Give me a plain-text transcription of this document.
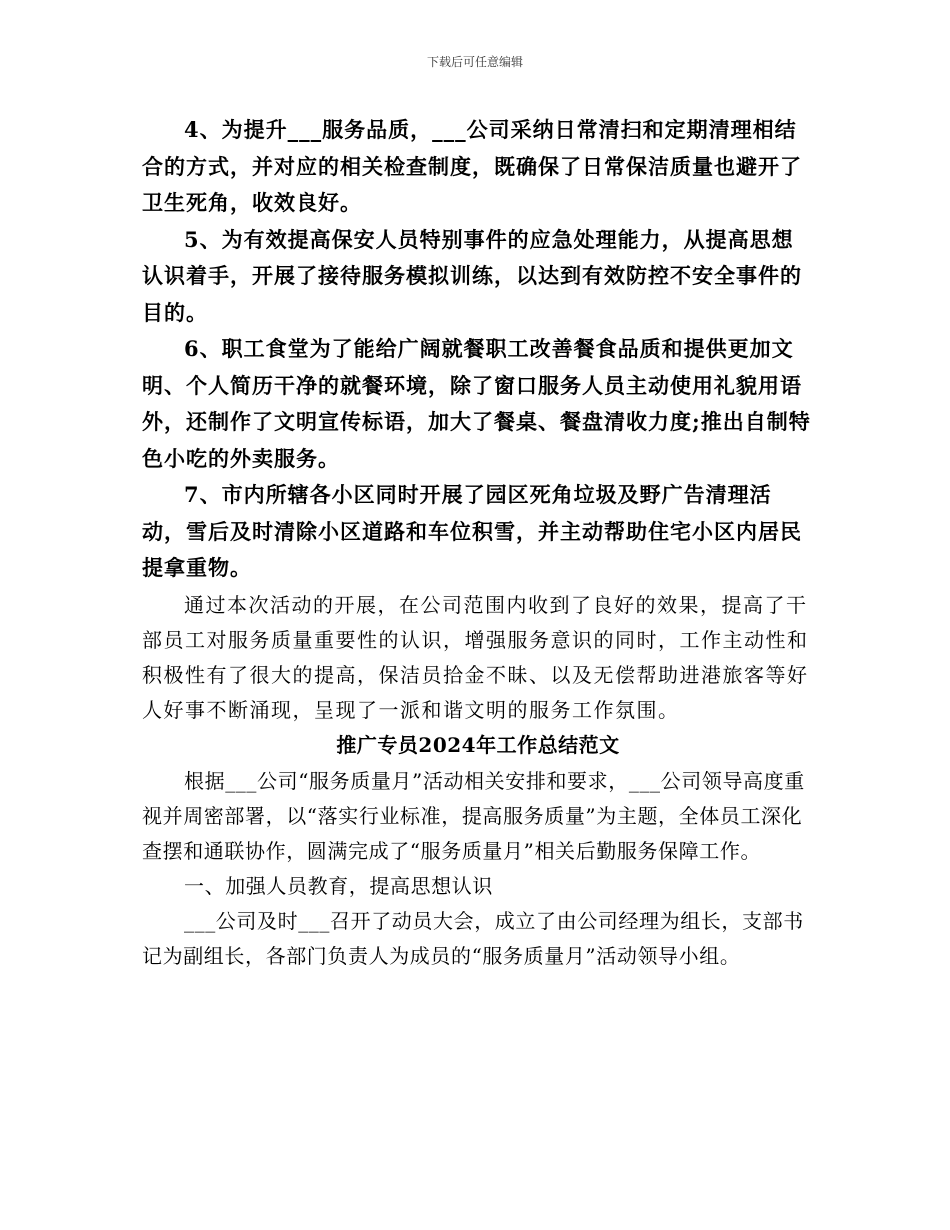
下载后可任意编辑

4、为提升___服务品质，___公司采纳日常清扫和定期清理相结合的方式，并对应的相关检查制度，既确保了日常保洁质量也避开了卫生死角，收效良好。

5、为有效提高保安人员特别事件的应急处理能力，从提高思想认识着手，开展了接待服务模拟训练，以达到有效防控不安全事件的目的。

6、职工食堂为了能给广阔就餐职工改善餐食品质和提供更加文明、个人简历干净的就餐环境，除了窗口服务人员主动使用礼貌用语外，还制作了文明宣传标语，加大了餐桌、餐盘清收力度;推出自制特色小吃的外卖服务。

7、市内所辖各小区同时开展了园区死角垃圾及野广告清理活动，雪后及时清除小区道路和车位积雪，并主动帮助住宅小区内居民提拿重物。

通过本次活动的开展，在公司范围内收到了良好的效果，提高了干部员工对服务质量重要性的认识，增强服务意识的同时，工作主动性和积极性有了很大的提高，保洁员拾金不昧、以及无偿帮助进港旅客等好人好事不断涌现，呈现了一派和谐文明的服务工作氛围。

推广专员2024年工作总结范文

根据___公司“服务质量月”活动相关安排和要求，___公司领导高度重视并周密部署，以“落实行业标准，提高服务质量”为主题，全体员工深化查摆和通联协作，圆满完成了“服务质量月”相关后勤服务保障工作。

一、加强人员教育，提高思想认识

___公司及时___召开了动员大会，成立了由公司经理为组长，支部书记为副组长，各部门负责人为成员的“服务质量月”活动领导小组。
